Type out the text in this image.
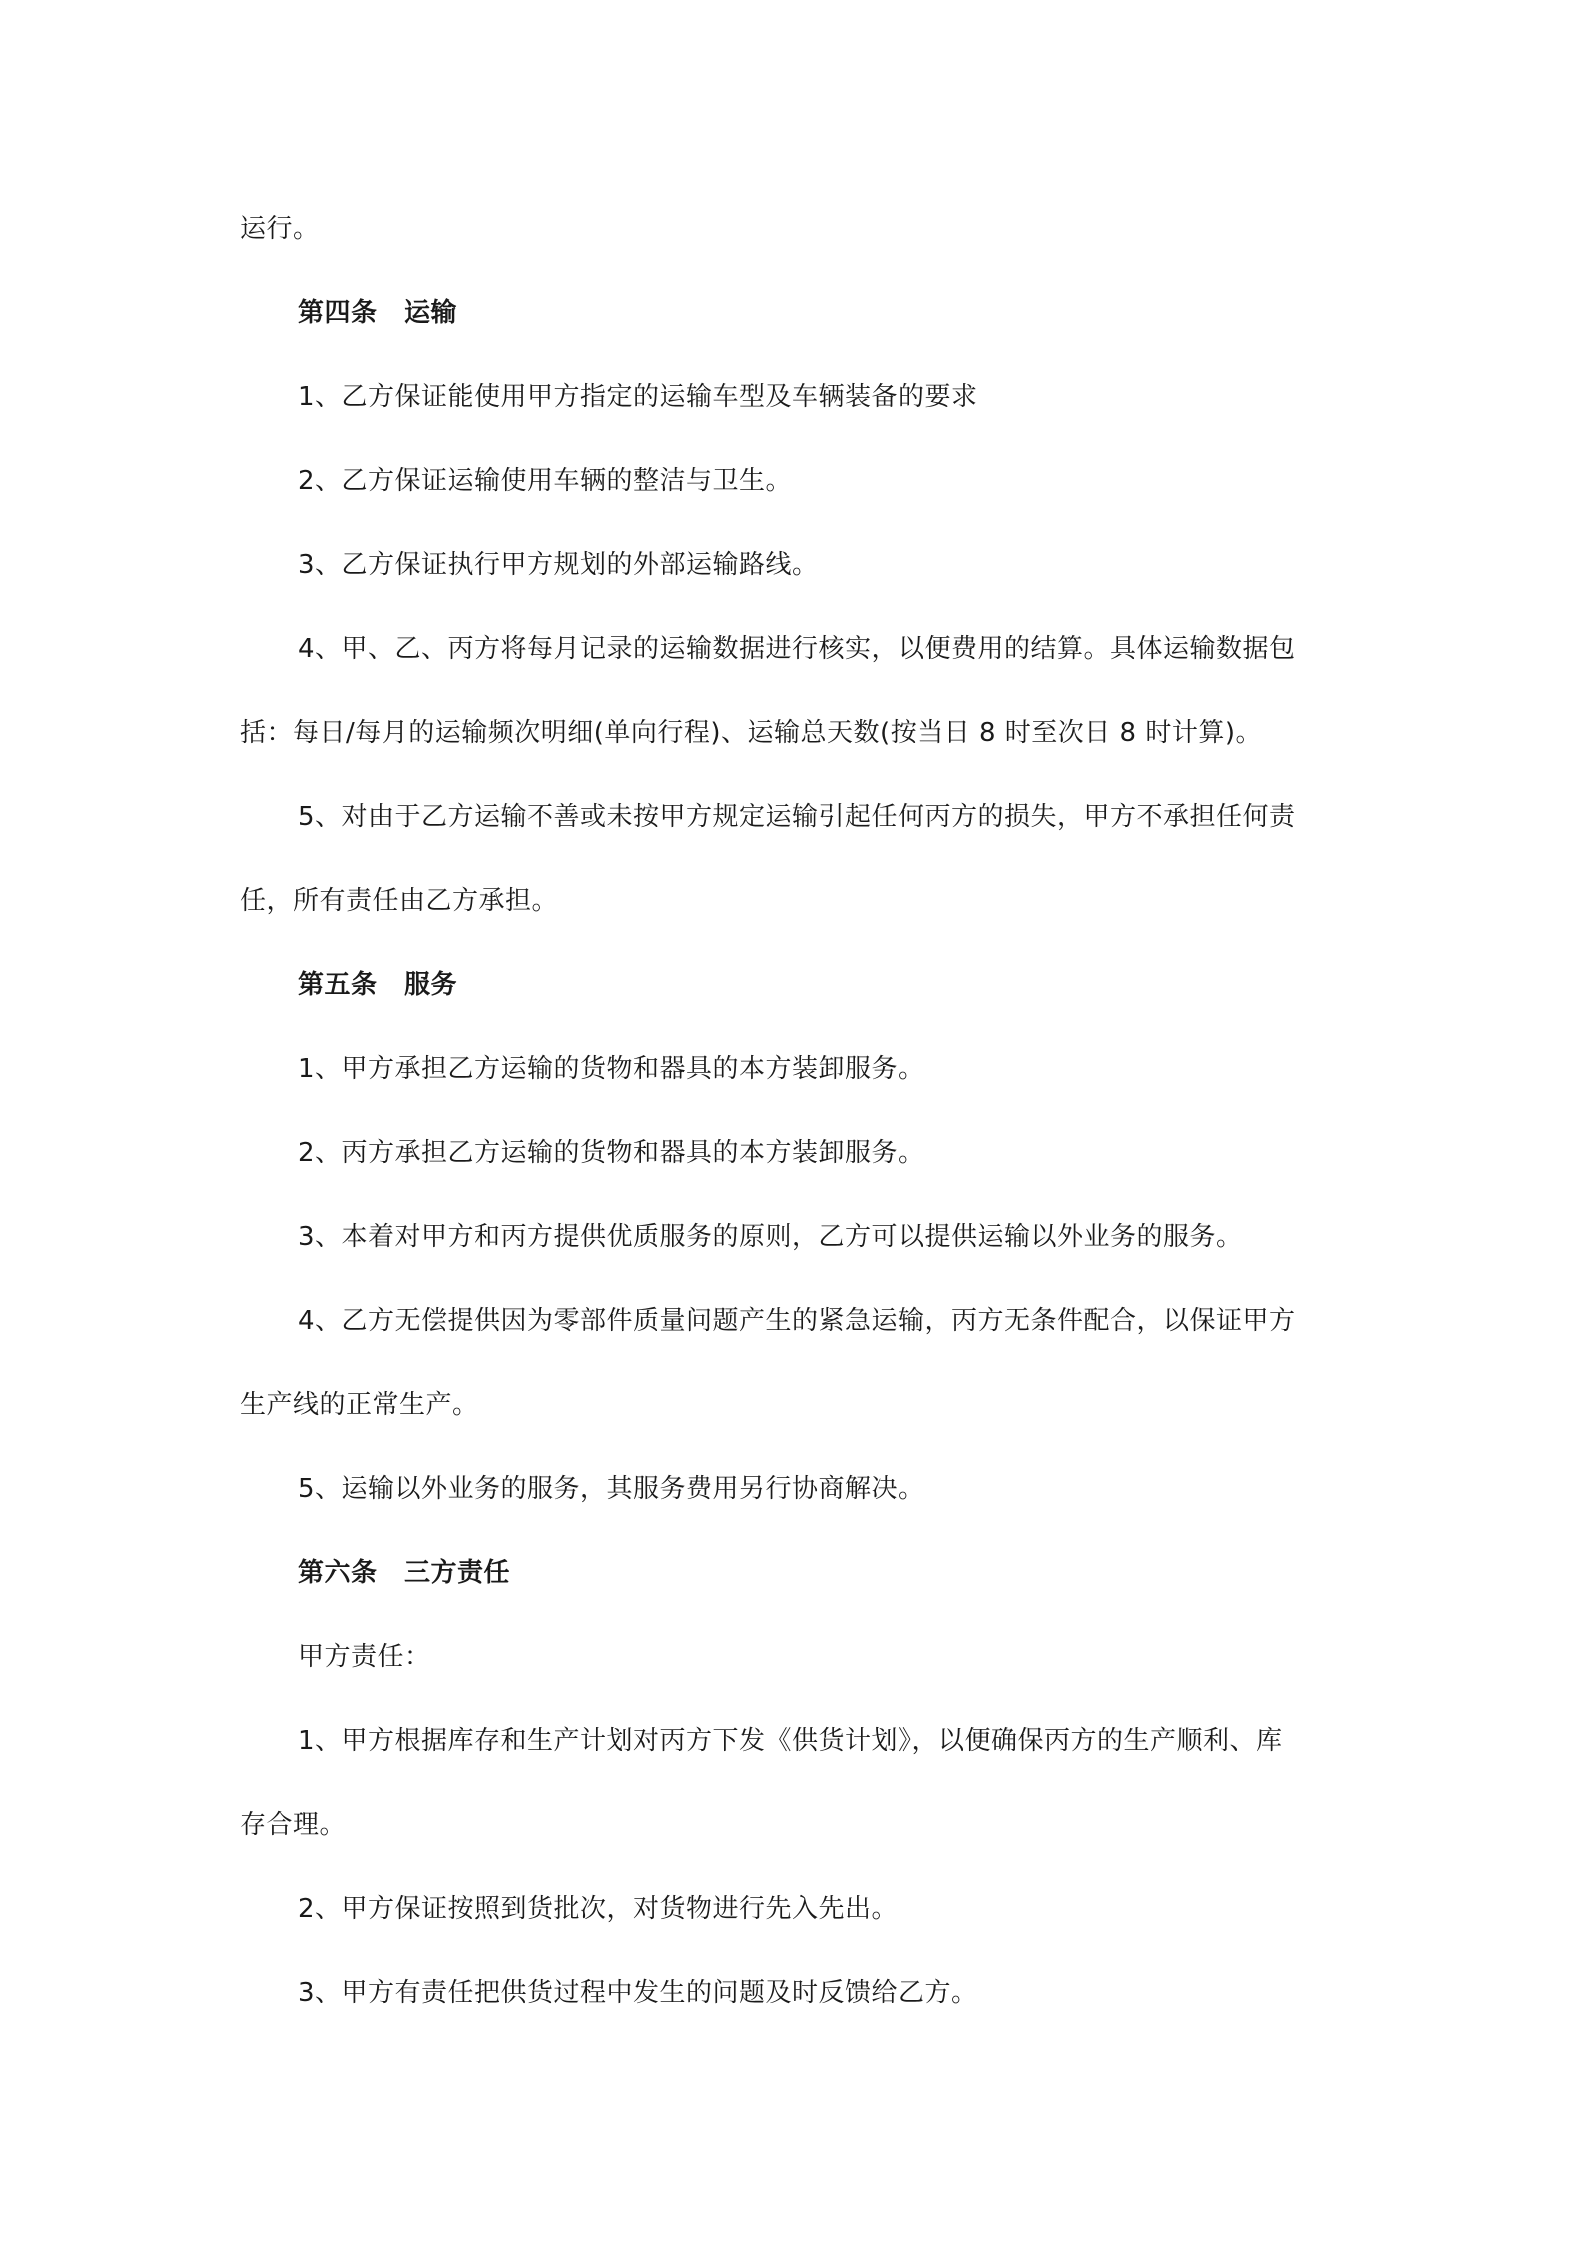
运行。
第四条　运输
1、乙方保证能使用甲方指定的运输车型及车辆装备的要求
2、乙方保证运输使用车辆的整洁与卫生。
3、乙方保证执行甲方规划的外部运输路线。
4、甲、乙、丙方将每月记录的运输数据进行核实，以便费用的结算。具体运输数据包
括：每日/每月的运输频次明细(单向行程)、运输总天数(按当日 8 时至次日 8 时计算)。
5、对由于乙方运输不善或未按甲方规定运输引起任何丙方的损失，甲方不承担任何责
任，所有责任由乙方承担。
第五条　服务
1、甲方承担乙方运输的货物和器具的本方装卸服务。
2、丙方承担乙方运输的货物和器具的本方装卸服务。
3、本着对甲方和丙方提供优质服务的原则，乙方可以提供运输以外业务的服务。
4、乙方无偿提供因为零部件质量问题产生的紧急运输，丙方无条件配合，以保证甲方
生产线的正常生产。
5、运输以外业务的服务，其服务费用另行协商解决。
第六条　三方责任
甲方责任：
1、甲方根据库存和生产计划对丙方下发《供货计划》，以便确保丙方的生产顺利、库
存合理。
2、甲方保证按照到货批次，对货物进行先入先出。
3、甲方有责任把供货过程中发生的问题及时反馈给乙方。
